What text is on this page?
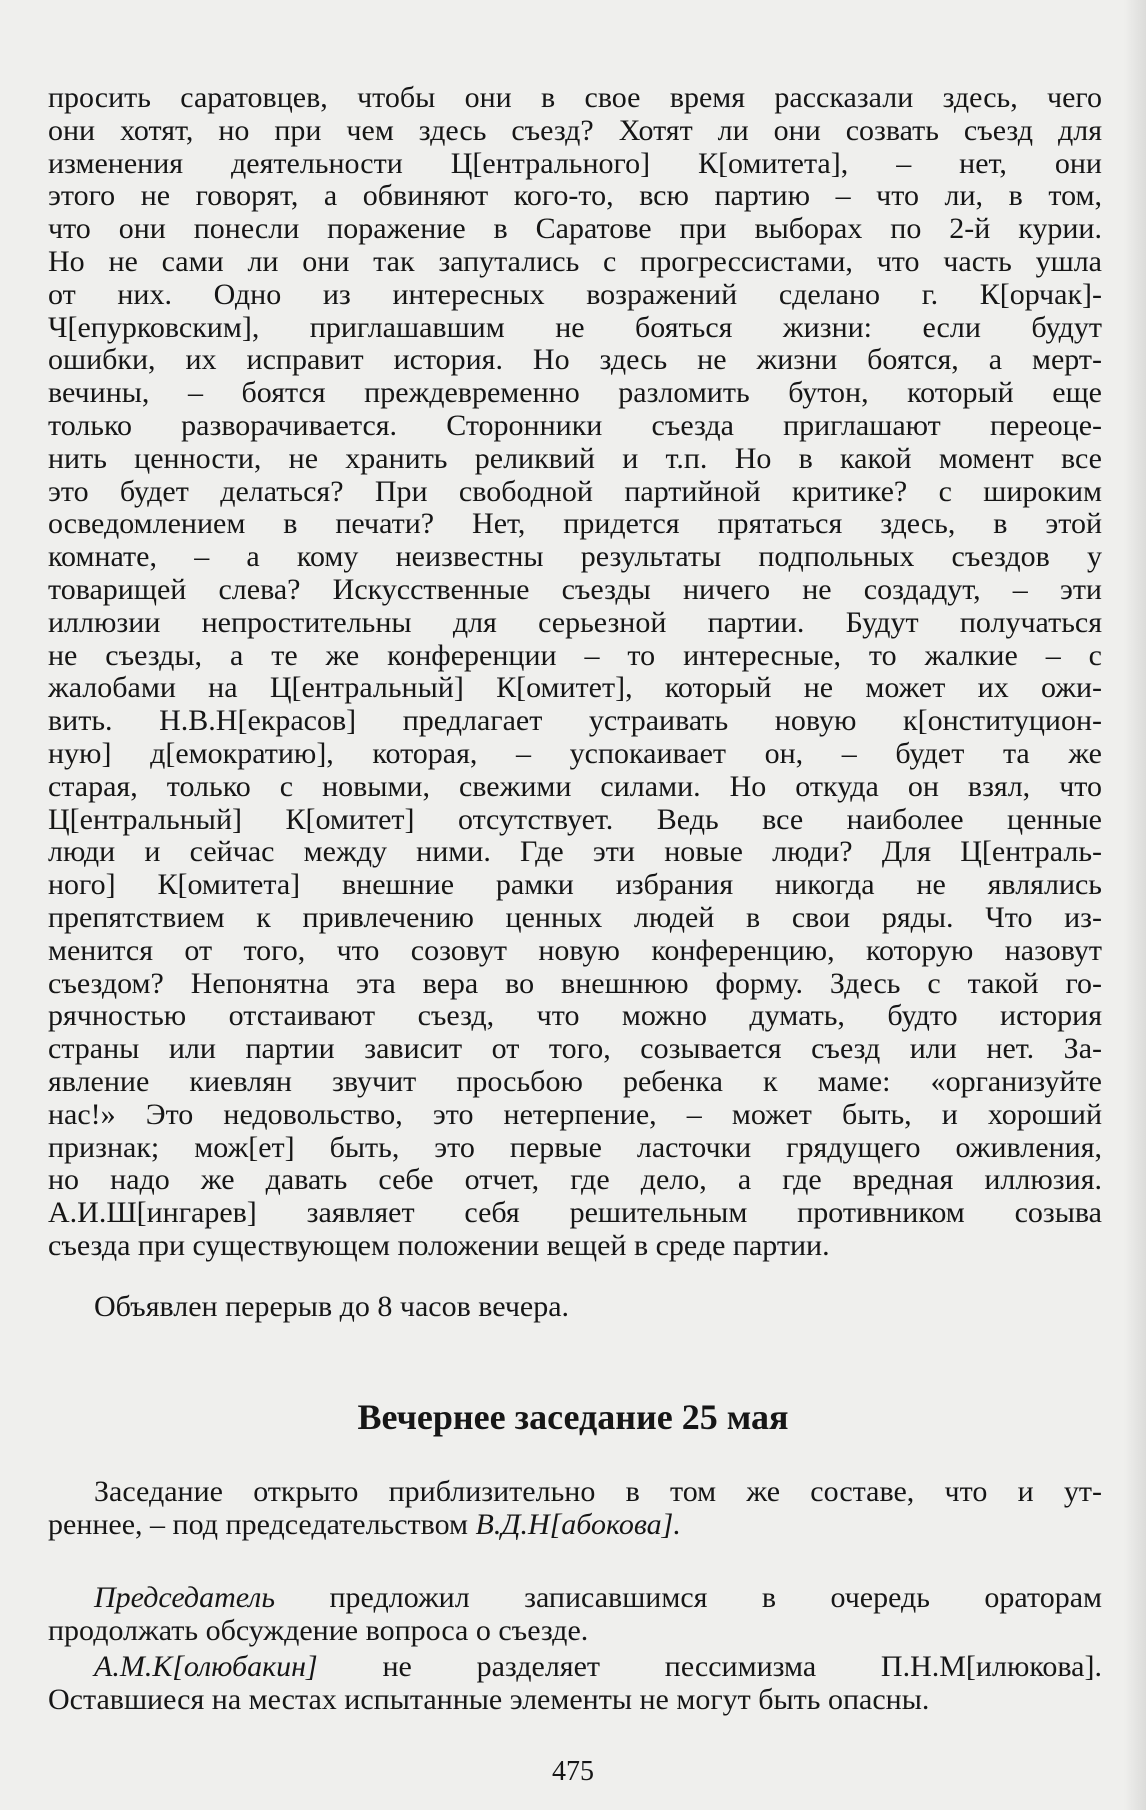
просить саратовцев, чтобы они в свое время рассказали здесь, чего
они хотят, но при чем здесь съезд? Хотят ли они созвать съезд для
изменения деятельности Ц[ентрального] К[омитета], – нет, они
этого не говорят, а обвиняют кого-то, всю партию – что ли, в том,
что они понесли поражение в Саратове при выборах по 2-й курии.
Но не сами ли они так запутались с прогрессистами, что часть ушла
от них. Одно из интересных возражений сделано г. К[орчак]-
Ч[епурковским], приглашавшим не бояться жизни: если будут
ошибки, их исправит история. Но здесь не жизни боятся, а мерт-
вечины, – боятся преждевременно разломить бутон, который еще
только разворачивается. Сторонники съезда приглашают переоце-
нить ценности, не хранить реликвий и т.п. Но в какой момент все
это будет делаться? При свободной партийной критике? с широким
осведомлением в печати? Нет, придется прятаться здесь, в этой
комнате, – а кому неизвестны результаты подпольных съездов у
товарищей слева? Искусственные съезды ничего не создадут, – эти
иллюзии непростительны для серьезной партии. Будут получаться
не съезды, а те же конференции – то интересные, то жалкие – с
жалобами на Ц[ентральный] К[омитет], который не может их ожи-
вить. Н.В.Н[екрасов] предлагает устраивать новую к[онституцион-
ную] д[емократию], которая, – успокаивает он, – будет та же
старая, только с новыми, свежими силами. Но откуда он взял, что
Ц[ентральный] К[омитет] отсутствует. Ведь все наиболее ценные
люди и сейчас между ними. Где эти новые люди? Для Ц[ентраль-
ного] К[омитета] внешние рамки избрания никогда не являлись
препятствием к привлечению ценных людей в свои ряды. Что из-
менится от того, что созовут новую конференцию, которую назовут
съездом? Непонятна эта вера во внешнюю форму. Здесь с такой го-
рячностью отстаивают съезд, что можно думать, будто история
страны или партии зависит от того, созывается съезд или нет. За-
явление киевлян звучит просьбою ребенка к маме: «организуйте
нас!» Это недовольство, это нетерпение, – может быть, и хороший
признак; мож[ет] быть, это первые ласточки грядущего оживления,
но надо же давать себе отчет, где дело, а где вредная иллюзия.
А.И.Ш[ингарев] заявляет себя решительным противником созыва
съезда при существующем положении вещей в среде партии.
Объявлен перерыв до 8 часов вечера.
Вечернее заседание 25 мая
Заседание открыто приблизительно в том же составе, что и ут-
реннее, – под председательством В.Д.Н[абокова].
Председатель предложил записавшимся в очередь ораторам
продолжать обсуждение вопроса о съезде.
А.М.К[олюбакин] не разделяет пессимизма П.Н.М[илюкова].
Оставшиеся на местах испытанные элементы не могут быть опасны.
475
